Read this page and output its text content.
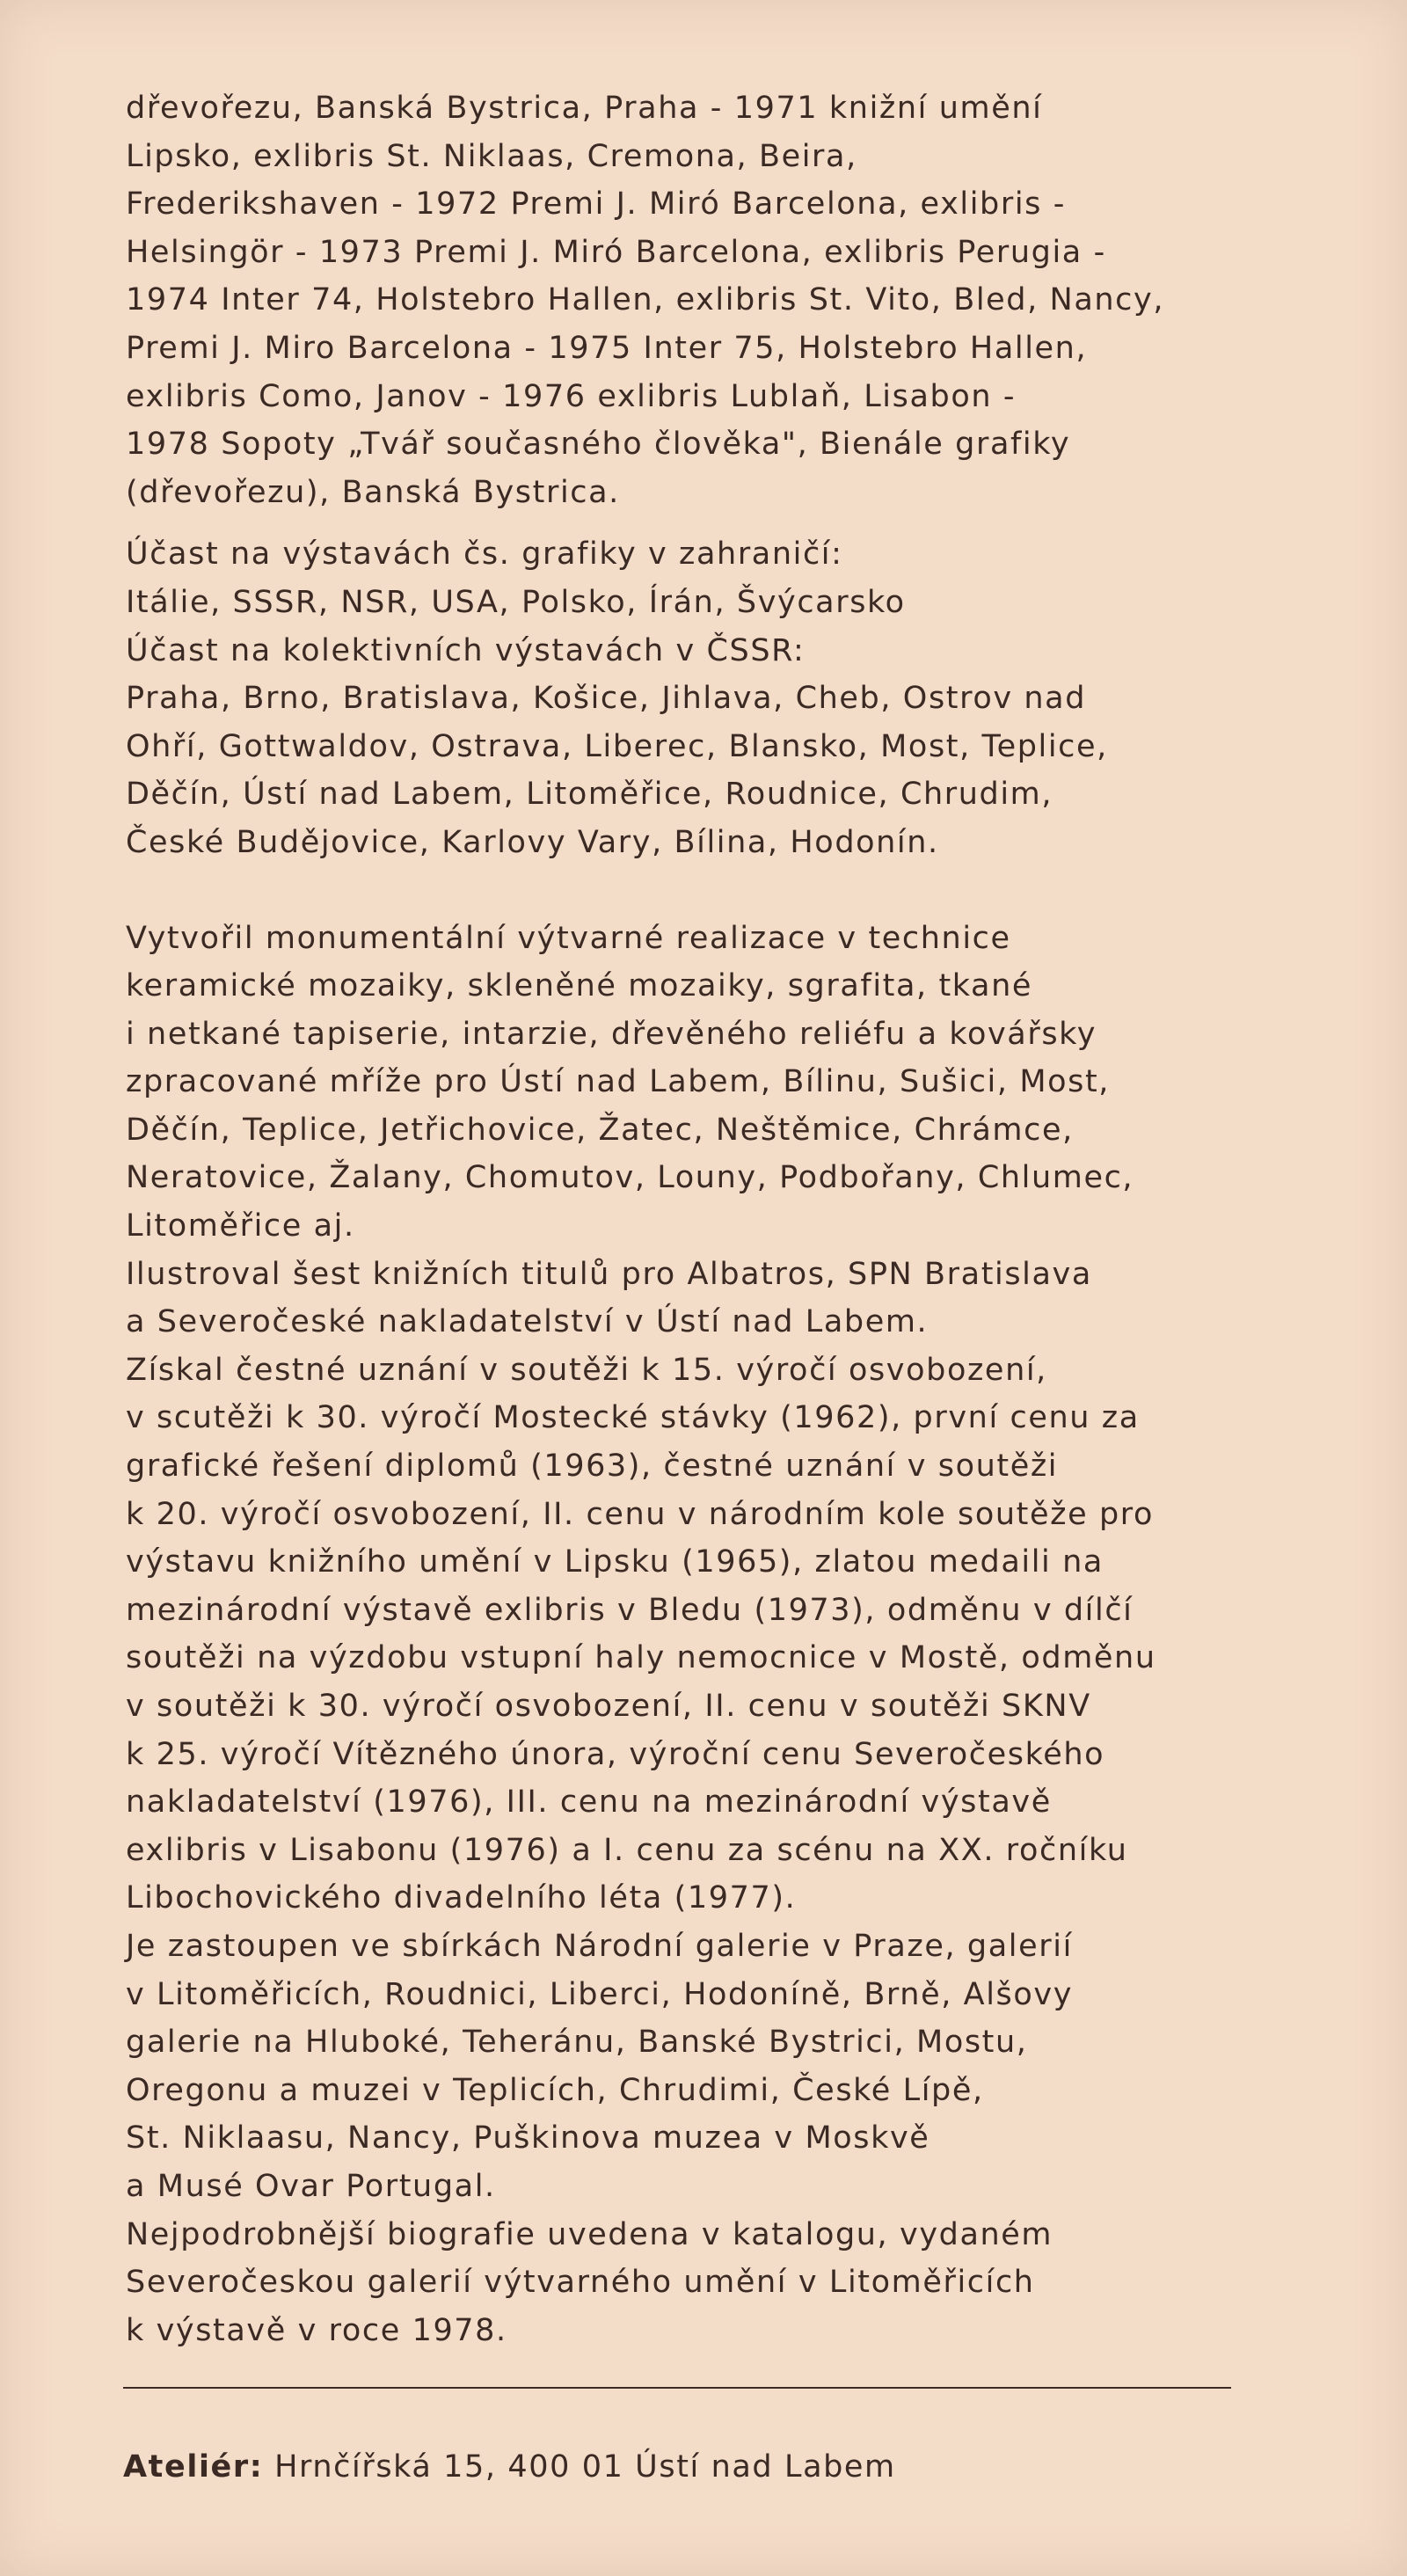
dřevořezu, Banská Bystrica, Praha - 1971 knižní umění
Lipsko, exlibris St. Niklaas, Cremona, Beira,
Frederikshaven - 1972 Premi J. Miró Barcelona, exlibris -
Helsingör - 1973 Premi J. Miró Barcelona, exlibris Perugia -
1974 Inter 74, Holstebro Hallen, exlibris St. Vito, Bled, Nancy,
Premi J. Miro Barcelona - 1975 Inter 75, Holstebro Hallen,
exlibris Como, Janov - 1976 exlibris Lublaň, Lisabon -
1978 Sopoty „Tvář současného člověka", Bienále grafiky
(dřevořezu), Banská Bystrica.
Účast na výstavách čs. grafiky v zahraničí:
Itálie, SSSR, NSR, USA, Polsko, Írán, Švýcarsko
Účast na kolektivních výstavách v ČSSR:
Praha, Brno, Bratislava, Košice, Jihlava, Cheb, Ostrov nad
Ohří, Gottwaldov, Ostrava, Liberec, Blansko, Most, Teplice,
Děčín, Ústí nad Labem, Litoměřice, Roudnice, Chrudim,
České Budějovice, Karlovy Vary, Bílina, Hodonín.
Vytvořil monumentální výtvarné realizace v technice
keramické mozaiky, skleněné mozaiky, sgrafita, tkané
i netkané tapiserie, intarzie, dřevěného reliéfu a kovářsky
zpracované mříže pro Ústí nad Labem, Bílinu, Sušici, Most,
Děčín, Teplice, Jetřichovice, Žatec, Neštěmice, Chrámce,
Neratovice, Žalany, Chomutov, Louny, Podbořany, Chlumec,
Litoměřice aj.
Ilustroval šest knižních titulů pro Albatros, SPN Bratislava
a Severočeské nakladatelství v Ústí nad Labem.
Získal čestné uznání v soutěži k 15. výročí osvobození,
v scutěži k 30. výročí Mostecké stávky (1962), první cenu za
grafické řešení diplomů (1963), čestné uznání v soutěži
k 20. výročí osvobození, II. cenu v národním kole soutěže pro
výstavu knižního umění v Lipsku (1965), zlatou medaili na
mezinárodní výstavě exlibris v Bledu (1973), odměnu v dílčí
soutěži na výzdobu vstupní haly nemocnice v Mostě, odměnu
v soutěži k 30. výročí osvobození, II. cenu v soutěži SKNV
k 25. výročí Vítězného února, výroční cenu Severočeského
nakladatelství (1976), III. cenu na mezinárodní výstavě
exlibris v Lisabonu (1976) a I. cenu za scénu na XX. ročníku
Libochovického divadelního léta (1977).
Je zastoupen ve sbírkách Národní galerie v Praze, galerií
v Litoměřicích, Roudnici, Liberci, Hodoníně, Brně, Alšovy
galerie na Hluboké, Teheránu, Banské Bystrici, Mostu,
Oregonu a muzei v Teplicích, Chrudimi, České Lípě,
St. Niklaasu, Nancy, Puškinova muzea v Moskvě
a Musé Ovar Portugal.
Nejpodrobnější biografie uvedena v katalogu, vydaném
Severočeskou galerií výtvarného umění v Litoměřicích
k výstavě v roce 1978.
Ateliér: Hrnčířská 15, 400 01 Ústí nad Labem
